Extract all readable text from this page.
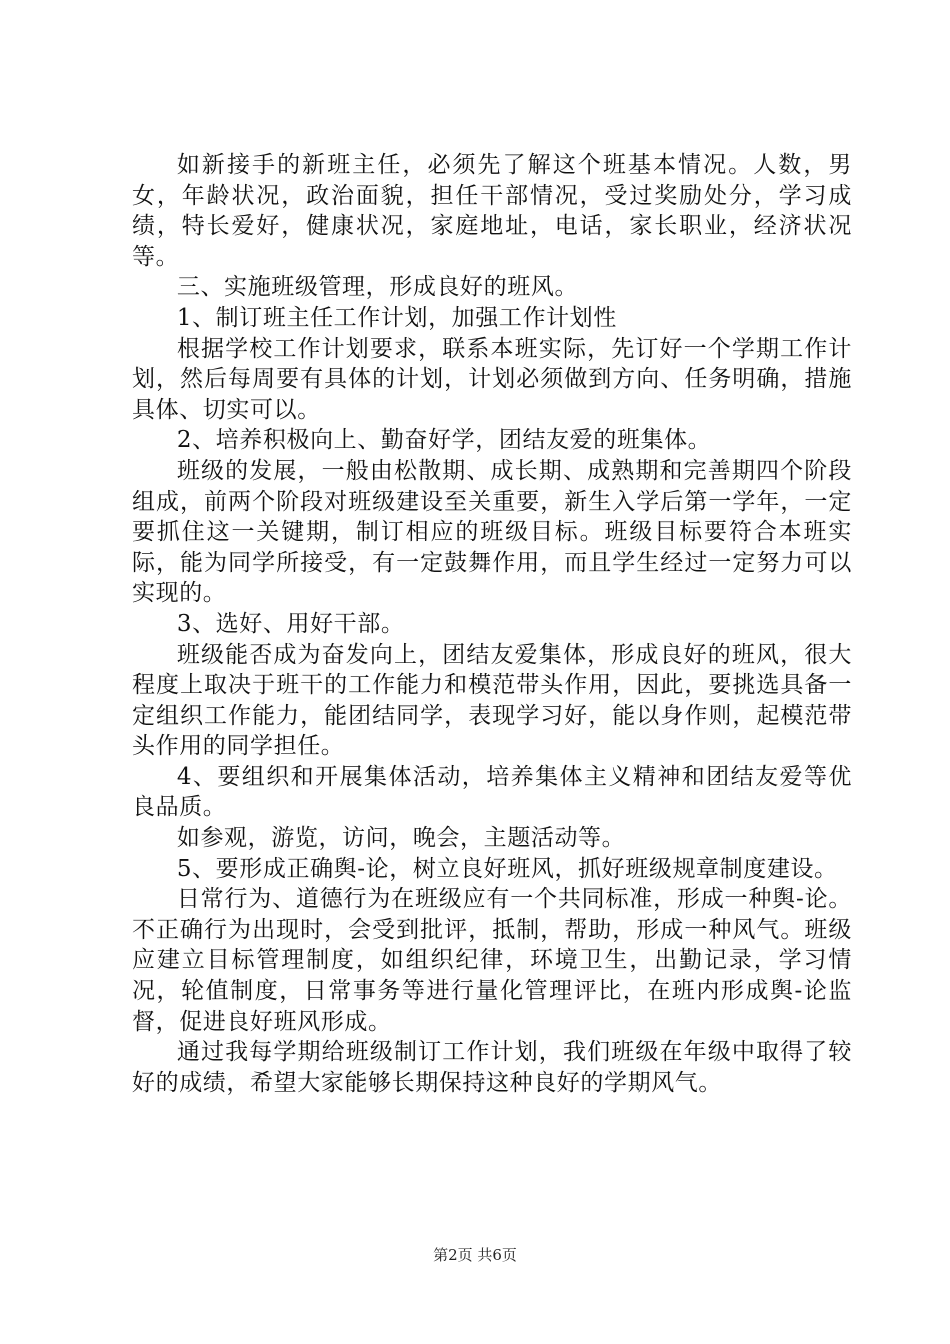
如新接手的新班主任，必须先了解这个班基本情况。人数，男女，年龄状况，政治面貌，担任干部情况，受过奖励处分，学习成绩，特长爱好，健康状况，家庭地址，电话，家长职业，经济状况等。

三、实施班级管理，形成良好的班风。

1、制订班主任工作计划，加强工作计划性

根据学校工作计划要求，联系本班实际，先订好一个学期工作计划，然后每周要有具体的计划，计划必须做到方向、任务明确，措施具体、切实可以。

2、培养积极向上、勤奋好学，团结友爱的班集体。

班级的发展，一般由松散期、成长期、成熟期和完善期四个阶段组成，前两个阶段对班级建设至关重要，新生入学后第一学年，一定要抓住这一关键期，制订相应的班级目标。班级目标要符合本班实际，能为同学所接受，有一定鼓舞作用，而且学生经过一定努力可以实现的。

3、选好、用好干部。

班级能否成为奋发向上，团结友爱集体，形成良好的班风，很大程度上取决于班干的工作能力和模范带头作用，因此，要挑选具备一定组织工作能力，能团结同学，表现学习好，能以身作则，起模范带头作用的同学担任。

4、要组织和开展集体活动，培养集体主义精神和团结友爱等优良品质。

如参观，游览，访问，晚会，主题活动等。

5、要形成正确舆-论，树立良好班风，抓好班级规章制度建设。

日常行为、道德行为在班级应有一个共同标准，形成一种舆-论。不正确行为出现时，会受到批评，抵制，帮助，形成一种风气。班级应建立目标管理制度，如组织纪律，环境卫生，出勤记录，学习情况，轮值制度，日常事务等进行量化管理评比，在班内形成舆-论监督，促进良好班风形成。

通过我每学期给班级制订工作计划，我们班级在年级中取得了较好的成绩，希望大家能够长期保持这种良好的学期风气。

第2页 共6页
